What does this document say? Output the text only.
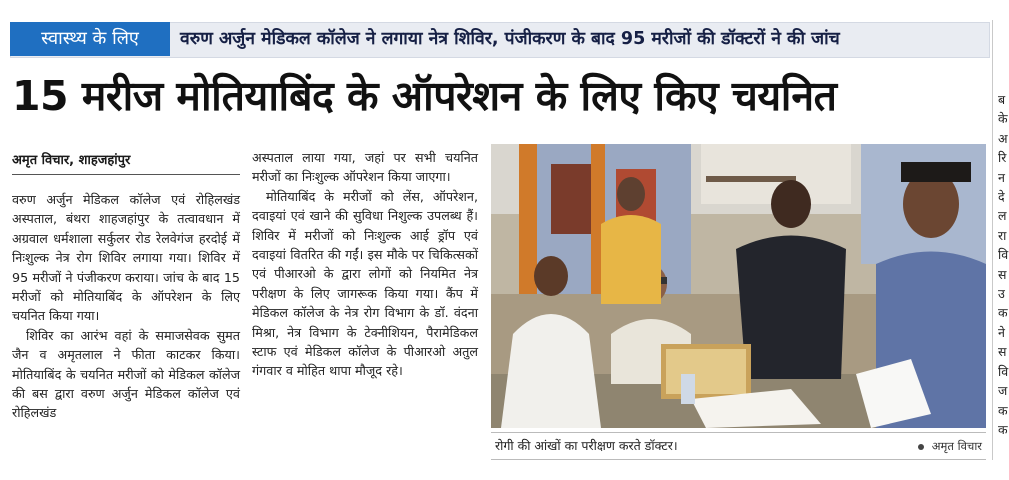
स्वास्थ्य के लिए	वरुण अर्जुन मेडिकल कॉलेज ने लगाया नेत्र शिविर, पंजीकरण के बाद 95 मरीजों की डॉक्टरों ने की जांच
15 मरीज मोतियाबिंद के ऑपरेशन के लिए किए चयनित
अमृत विचार, शाहजहांपुर

वरुण अर्जुन मेडिकल कॉलेज एवं रोहिलखंड अस्पताल, बंथरा शाहजहांपुर के तत्वावधान में अग्रवाल धर्मशाला सर्कुलर रोड रेलवेगंज हरदोई में निःशुल्क नेत्र रोग शिविर लगाया गया। शिविर में 95 मरीजों ने पंजीकरण कराया। जांच के बाद 15 मरीजों को मोतियाबिंद के ऑपरेशन के लिए चयनित किया गया।

शिविर का आरंभ वहां के समाजसेवक सुमत जैन व अमृतलाल ने फीता काटकर किया। मोतियाबिंद के चयनित मरीजों को मेडिकल कॉलेज की बस द्वारा वरुण अर्जुन मेडिकल कॉलेज एवं रोहिलखंड

अस्पताल लाया गया, जहां पर सभी चयनित मरीजों का निःशुल्क ऑपरेशन किया जाएगा।

मोतियाबिंद के मरीजों को लेंस, ऑपरेशन, दवाइयां एवं खाने की सुविधा निशुल्क उपलब्ध हैं। शिविर में मरीजों को निःशुल्क आई ड्रॉप एवं दवाइयां वितरित की गईं। इस मौके पर चिकित्सकों एवं पीआरओ के द्वारा लोगों को नियमित नेत्र परीक्षण के लिए जागरूक किया गया। कैंप में मेडिकल कॉलेज के नेत्र रोग विभाग के डॉ. वंदना मिश्रा, नेत्र विभाग के टेक्नीशियन, पैरामेडिकल स्टाफ एवं मेडिकल कॉलेज के पीआरओ अतुल गंगवार व मोहित थापा मौजूद रहे।

रोगी की आंखों का परीक्षण करते डॉक्टर।	अमृत विचार
ब
के
अ
रि
न
दे
ल
रा
वि
स
उ
क
ने
स
वि
ज
क
क
